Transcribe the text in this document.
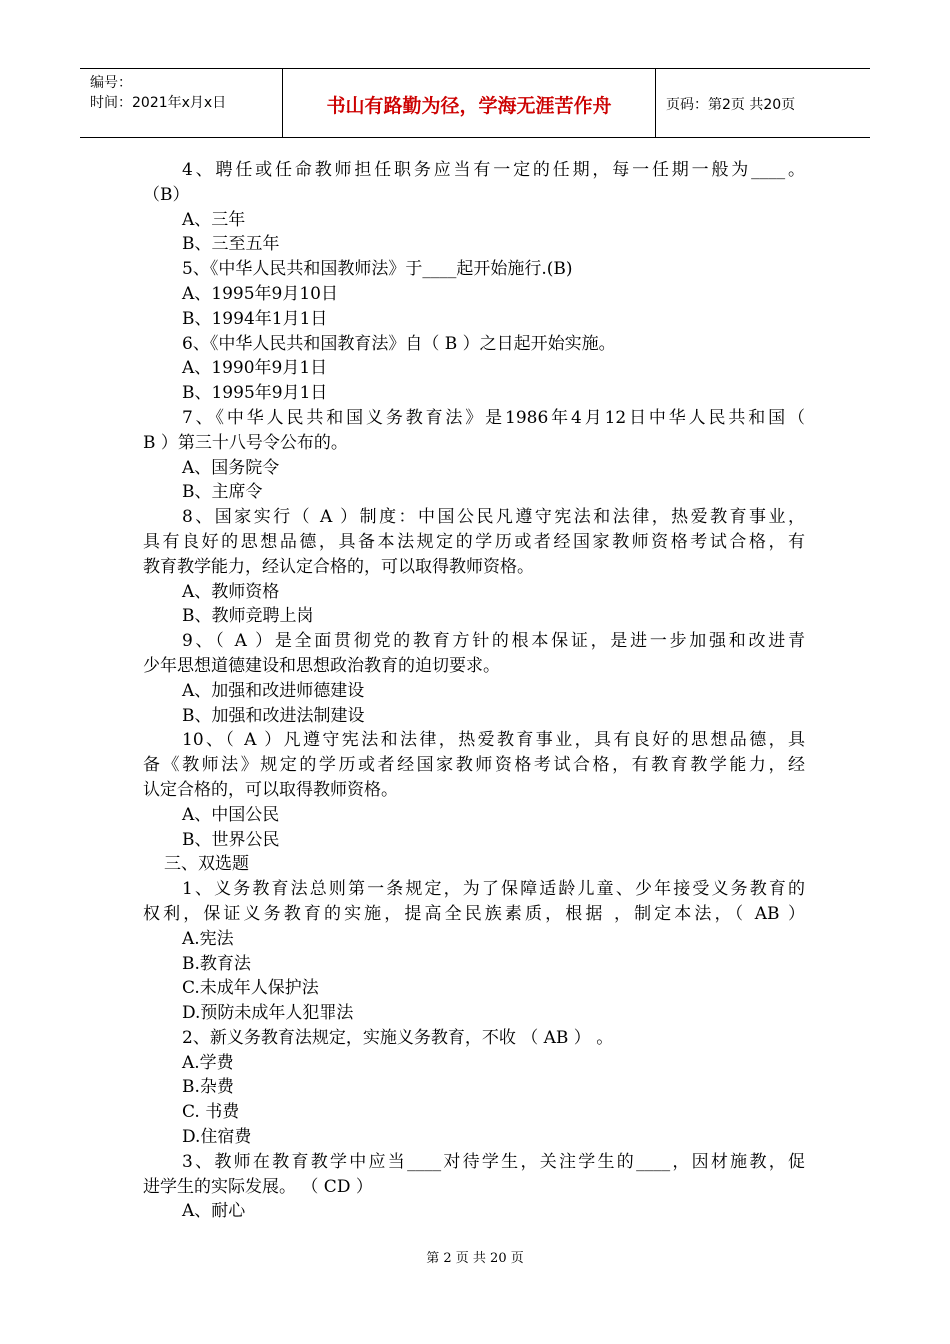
编号：
时间：2021年x月x日	书山有路勤为径，学海无涯苦作舟	页码：第2页 共20页
4、聘任或任命教师担任职务应当有一定的任期，每一任期一般为____。
（B）
A、三年
B、三至五年
5、《中华人民共和国教师法》于____起开始施行.(B)
A、1995年9月10日
B、1994年1月1日
6、《中华人民共和国教育法》自（ B ）之日起开始实施。
A、1990年9月1日
B、1995年9月1日
7、《中华人民共和国义务教育法》是1986年4月12日中华人民共和国（
B ）第三十八号令公布的。
A、国务院令
B、主席令
8、国家实行（ A ）制度：中国公民凡遵守宪法和法律，热爱教育事业，
具有良好的思想品德，具备本法规定的学历或者经国家教师资格考试合格，有
教育教学能力，经认定合格的，可以取得教师资格。
A、教师资格
B、教师竞聘上岗
9、（ A ）是全面贯彻党的教育方针的根本保证，是进一步加强和改进青
少年思想道德建设和思想政治教育的迫切要求。
A、加强和改进师德建设
B、加强和改进法制建设
10、（ A ）凡遵守宪法和法律，热爱教育事业，具有良好的思想品德，具
备《教师法》规定的学历或者经国家教师资格考试合格，有教育教学能力，经
认定合格的，可以取得教师资格。
A、中国公民
B、世界公民
三、双选题
1、义务教育法总则第一条规定，为了保障适龄儿童、少年接受义务教育的
权利，保证义务教育的实施，提高全民族素质，根据 ，制定本法，（ AB ）
A.宪法
B.教育法
C.未成年人保护法
D.预防未成年人犯罪法
2、新义务教育法规定，实施义务教育，不收 （ AB ） 。
A.学费
B.杂费
C. 书费
D.住宿费
3、教师在教育教学中应当____对待学生，关注学生的____，因材施教，促
进学生的实际发展。 （ CD ）
A、耐心
第 2 页 共 20 页
